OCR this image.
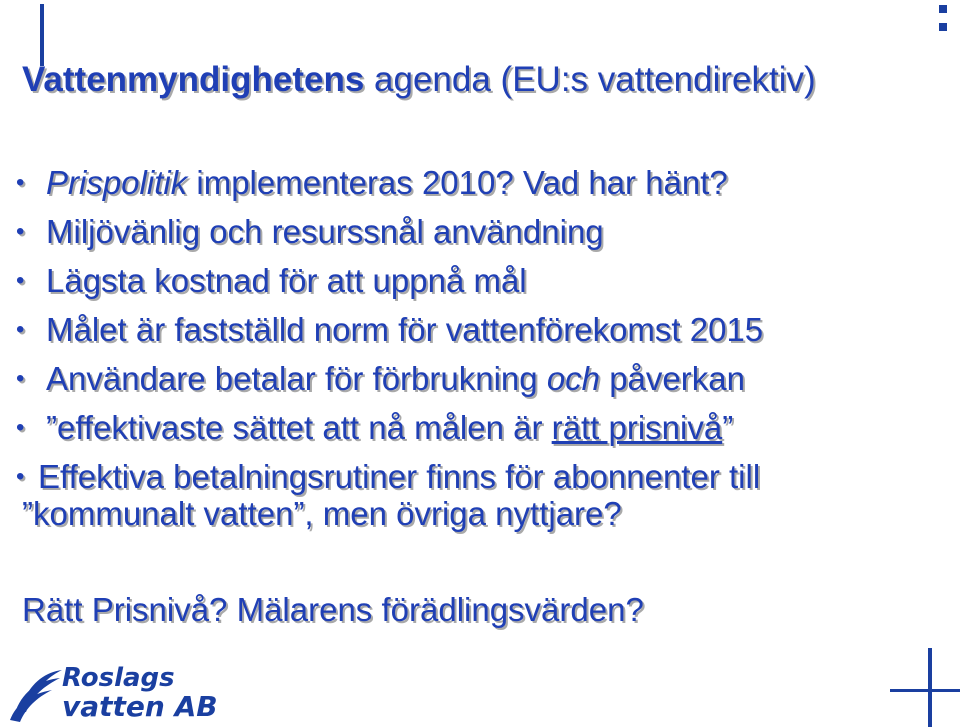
Vattenmyndighetens agenda (EU:s vattendirektiv)
• Prispolitik implementeras 2010? Vad har hänt?
• Miljövänlig och resurssnål användning
• Lägsta kostnad för att uppnå mål
• Målet är fastställd norm för vattenförekomst 2015
• Användare betalar för förbrukning och påverkan
• ”effektivaste sättet att nå målen är rätt prisnivå”
• Effektiva betalningsrutiner finns för abonnenter till
”kommunalt vatten”, men övriga nyttjare?
Rätt Prisnivå? Mälarens förädlingsvärden?
Roslags
vatten AB
